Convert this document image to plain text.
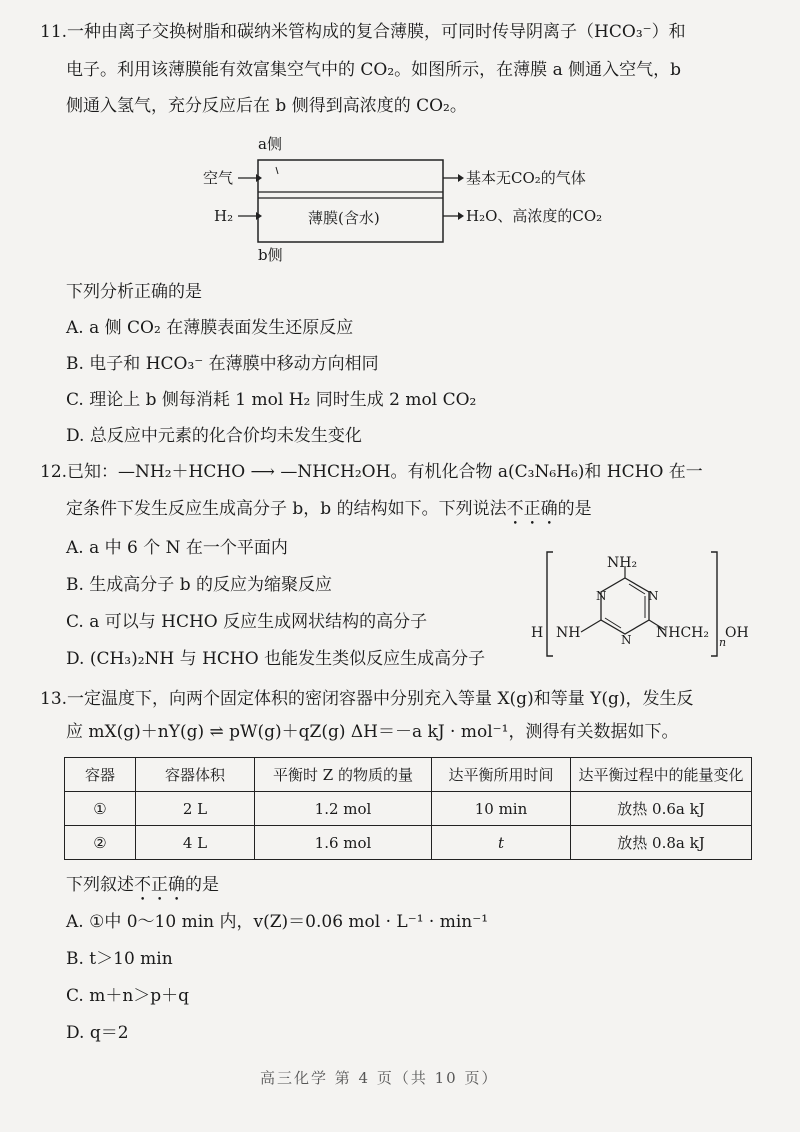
11.一种由离子交换树脂和碳纳米管构成的复合薄膜，可同时传导阴离子（HCO₃⁻）和
电子。利用该薄膜能有效富集空气中的 CO₂。如图所示，在薄膜 a 侧通入空气，b
侧通入氢气，充分反应后在 b 侧得到高浓度的 CO₂。
a侧
b侧
空气
H₂	薄膜(含水)
基本无CO₂的气体
H₂O、高浓度的CO₂
下列分析正确的是
A. a 侧 CO₂ 在薄膜表面发生还原反应
B. 电子和 HCO₃⁻ 在薄膜中移动方向相同
C. 理论上 b 侧每消耗 1 mol H₂ 同时生成 2 mol CO₂
D. 总反应中元素的化合价均未发生变化
12.已知：—NH₂＋HCHO ⟶ —NHCH₂OH。有机化合物 a(C₃N₆H₆)和 HCHO 在一
定条件下发生反应生成高分子 b，b 的结构如下。下列说法不正确的是
A. a 中 6 个 N 在一个平面内
B. 生成高分子 b 的反应为缩聚反应
C. a 可以与 HCHO 反应生成网状结构的高分子
D. (CH₃)₂NH 与 HCHO 也能发生类似反应生成高分子
NH₂
H NH	NHCH₂
n
OH
N	N
N
13.一定温度下，向两个固定体积的密闭容器中分别充入等量 X(g)和等量 Y(g)，发生反
应 mX(g)＋nY(g) ⇌ pW(g)＋qZ(g) ΔH＝－a kJ · mol⁻¹，测得有关数据如下。
容器	容器体积	平衡时 Z 的物质的量	达平衡所用时间	达平衡过程中的能量变化
①	2 L	1.2 mol	10 min	放热 0.6a kJ
②	4 L	1.6 mol	t	放热 0.8a kJ
下列叙述不正确的是
A. ①中 0～10 min 内，v(Z)＝0.06 mol · L⁻¹ · min⁻¹
B. t＞10 min
C. m＋n＞p＋q
D. q＝2
高三化学 第 4 页（共 10 页）
